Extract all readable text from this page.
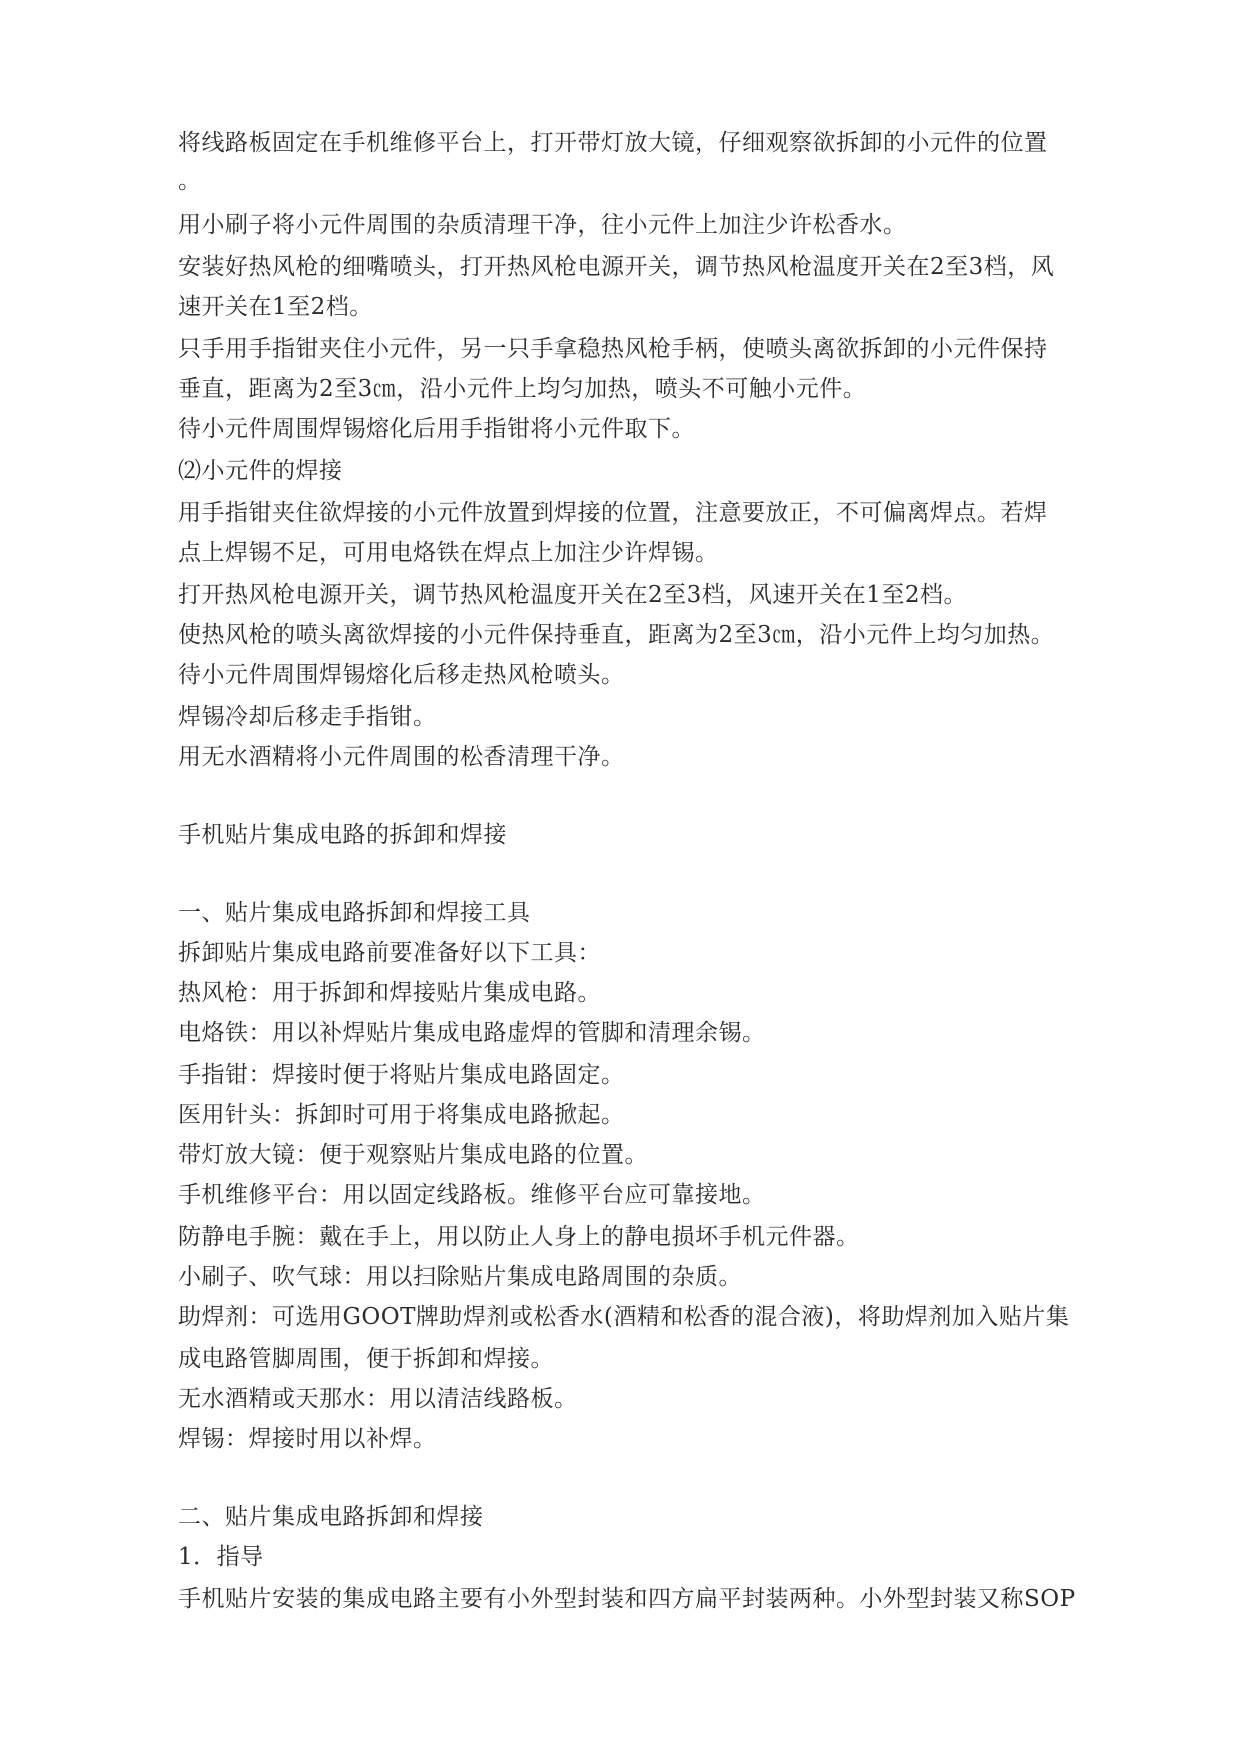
将线路板固定在手机维修平台上，打开带灯放大镜，仔细观察欲拆卸的小元件的位置

。

用小刷子将小元件周围的杂质清理干净，往小元件上加注少许松香水。

安装好热风枪的细嘴喷头，打开热风枪电源开关，调节热风枪温度开关在2至3档，风

速开关在1至2档。

只手用手指钳夹住小元件，另一只手拿稳热风枪手柄，使喷头离欲拆卸的小元件保持

垂直，距离为2至3㎝，沿小元件上均匀加热，喷头不可触小元件。

待小元件周围焊锡熔化后用手指钳将小元件取下。

⑵小元件的焊接

用手指钳夹住欲焊接的小元件放置到焊接的位置，注意要放正，不可偏离焊点。若焊

点上焊锡不足，可用电烙铁在焊点上加注少许焊锡。

打开热风枪电源开关，调节热风枪温度开关在2至3档，风速开关在1至2档。

使热风枪的喷头离欲焊接的小元件保持垂直，距离为2至3㎝，沿小元件上均匀加热。

待小元件周围焊锡熔化后移走热风枪喷头。

焊锡冷却后移走手指钳。

用无水酒精将小元件周围的松香清理干净。

手机贴片集成电路的拆卸和焊接

一、贴片集成电路拆卸和焊接工具

拆卸贴片集成电路前要准备好以下工具：

热风枪：用于拆卸和焊接贴片集成电路。

电烙铁：用以补焊贴片集成电路虚焊的管脚和清理余锡。

手指钳：焊接时便于将贴片集成电路固定。

医用针头：拆卸时可用于将集成电路掀起。

带灯放大镜：便于观察贴片集成电路的位置。

手机维修平台：用以固定线路板。维修平台应可靠接地。

防静电手腕：戴在手上，用以防止人身上的静电损坏手机元件器。

小刷子、吹气球：用以扫除贴片集成电路周围的杂质。

助焊剂：可选用GOOT牌助焊剂或松香水(酒精和松香的混合液)，将助焊剂加入贴片集

成电路管脚周围，便于拆卸和焊接。

无水酒精或天那水：用以清洁线路板。

焊锡：焊接时用以补焊。

二、贴片集成电路拆卸和焊接

1．指导

手机贴片安装的集成电路主要有小外型封装和四方扁平封装两种。小外型封装又称SOP
